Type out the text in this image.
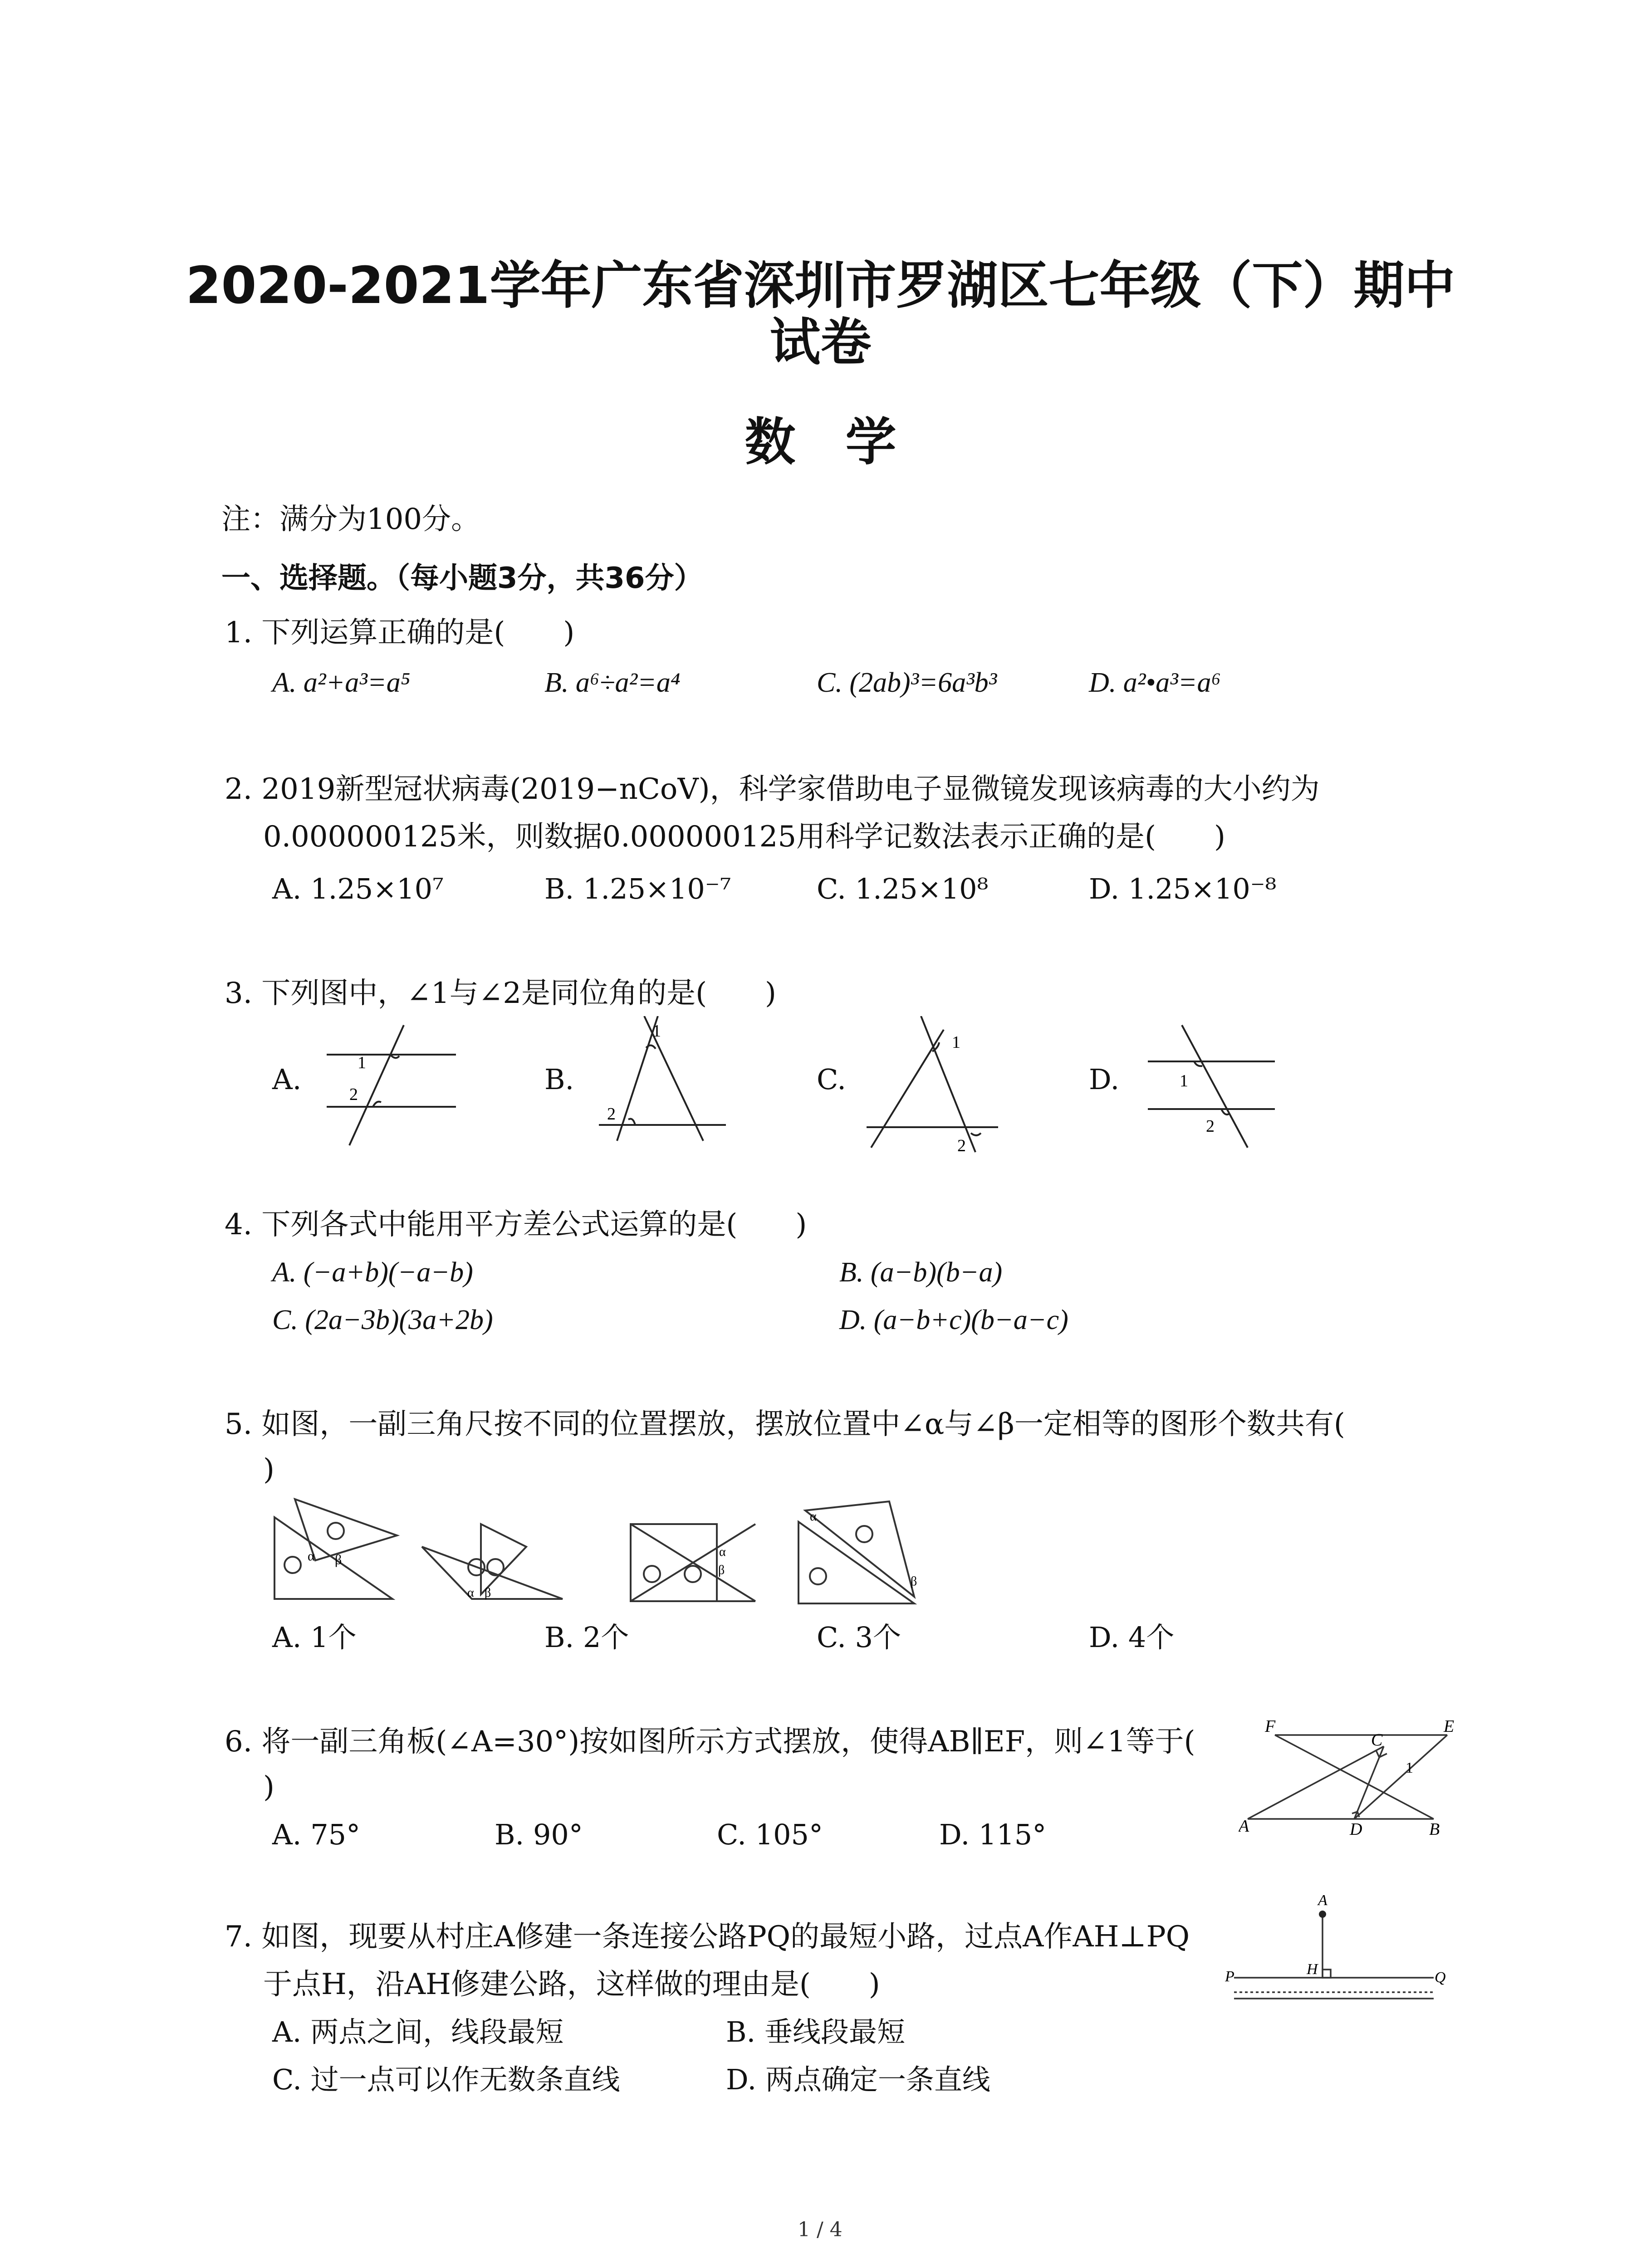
2020-2021学年广东省深圳市罗湖区七年级（下）期中
试卷
数学
注：满分为100分。
一、选择题。（每小题3分，共36分）
1. 下列运算正确的是(　　)
A. a²+a³=a⁵	B. a⁶÷a²=a⁴	C. (2ab)³=6a³b³	D. a²•a³=a⁶
2. 2019新型冠状病毒(2019−nCoV)，科学家借助电子显微镜发现该病毒的大小约为
0.000000125米，则数据0.000000125用科学记数法表示正确的是(　　)
A. 1.25×10⁷	B. 1.25×10⁻⁷	C. 1.25×10⁸	D. 1.25×10⁻⁸
3. 下列图中，∠1与∠2是同位角的是(　　)
A.	B.	C.	D.
1
2
1
2
1
2
1
2
4. 下列各式中能用平方差公式运算的是(　　)
A. (−a+b)(−a−b)	B. (a−b)(b−a)
C. (2a−3b)(3a+2b)	D. (a−b+c)(b−a−c)
5. 如图，一副三角尺按不同的位置摆放，摆放位置中∠α与∠β一定相等的图形个数共有(
)
α β
α β
α
β
α
β
A. 1个	B. 2个	C. 3个	D. 4个
6. 将一副三角板(∠A=30°)按如图所示方式摆放，使得AB∥EF，则∠1等于(
)
A. 75°	B. 90°	C. 105°	D. 115°
F	E
C
1
A	D	B
7. 如图，现要从村庄A修建一条连接公路PQ的最短小路，过点A作AH⊥PQ
于点H，沿AH修建公路，这样做的理由是(　　)
A. 两点之间，线段最短	B. 垂线段最短
C. 过一点可以作无数条直线	D. 两点确定一条直线
A
H
P	Q
1 / 4
